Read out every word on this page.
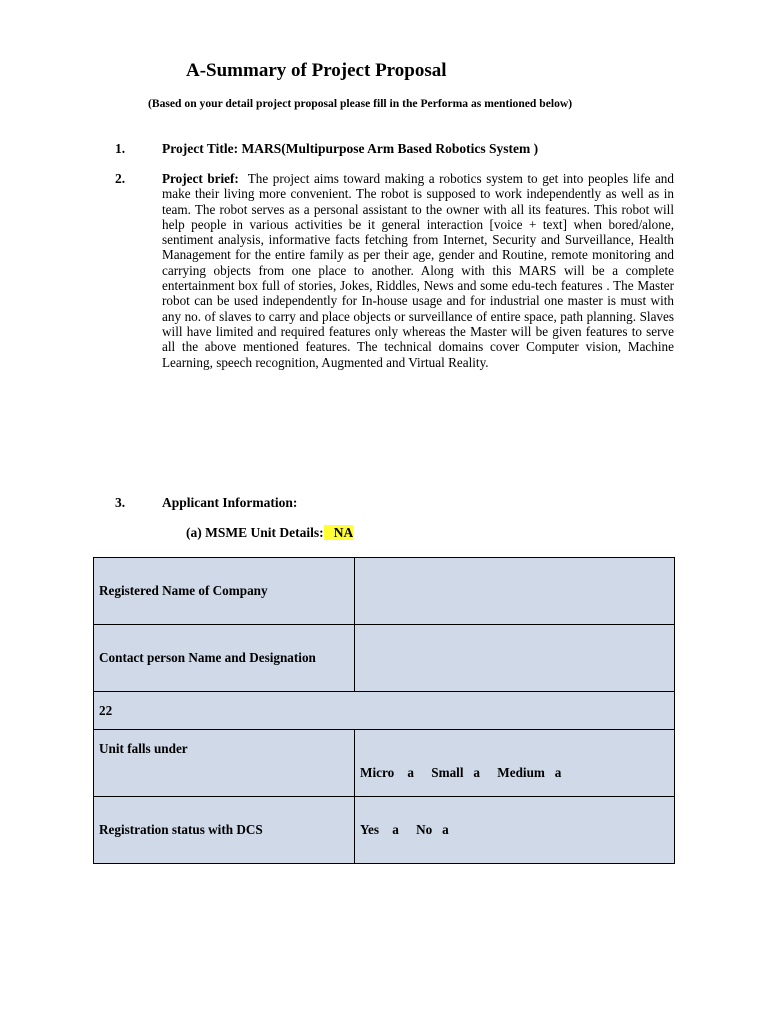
A-Summary of Project Proposal
(Based on your detail project proposal please fill in the Performa as mentioned below)
1.	Project Title: MARS(Multipurpose Arm Based Robotics System )
2.	Project brief:  The project aims toward making a robotics system to get into peoples life and make their living more convenient. The robot is supposed to work independently as well as in team. The robot serves as a personal assistant to the owner with all its features. This robot will help people in various activities be it general interaction [voice + text] when bored/alone, sentiment analysis, informative facts fetching from Internet, Security and Surveillance, Health Management for the entire family as per their age, gender and Routine, remote monitoring and carrying objects from one place to another. Along with this MARS will be a complete entertainment box full of stories, Jokes, Riddles, News and some edu-tech features . The Master robot can be used independently for In-house usage and for industrial one master is must with any no. of slaves to carry and place objects or surveillance of entire space, path planning. Slaves will have limited and required features only whereas the Master will be given features to serve all the above mentioned features. The technical domains cover Computer vision, Machine Learning, speech recognition, Augmented and Virtual Reality.
3.	Applicant Information:
(a) MSME Unit Details:   NA
Registered Name of Company	
Contact person Name and Designation	
22	

Unit falls under	Micro    a Small   a Medium   a

Registration status with DCS	Yes    a No   a
